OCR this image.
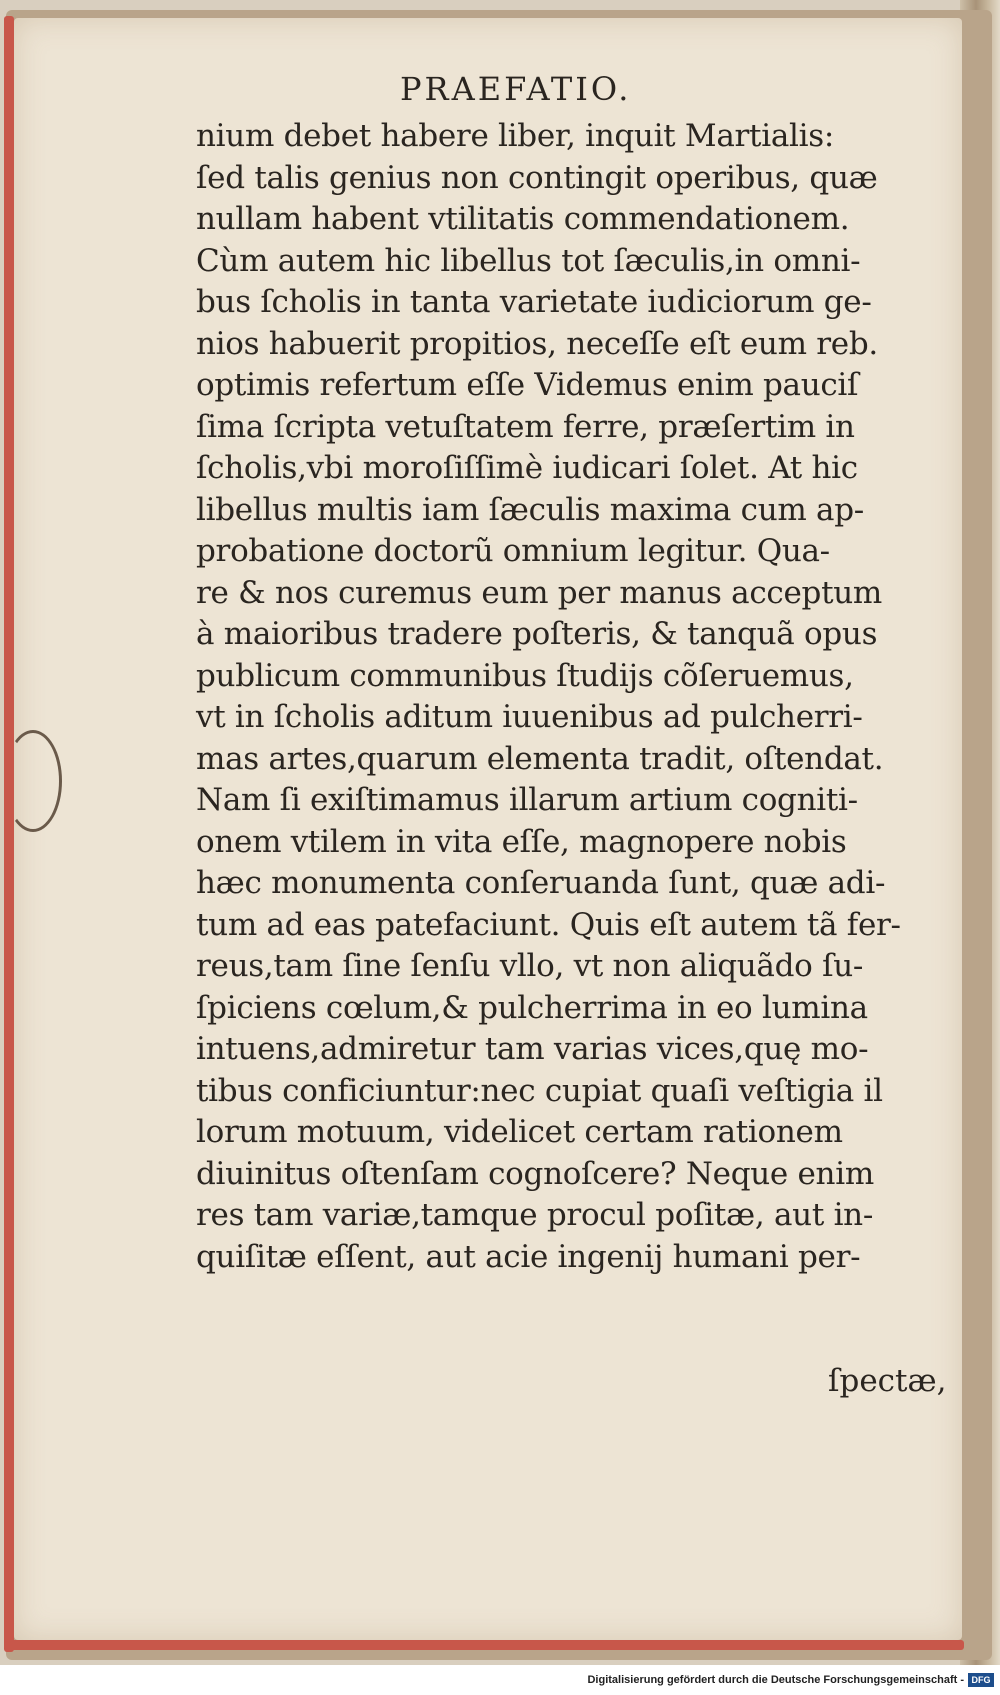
PRAEFATIO.
nium debet habere liber, inquit Martialis:
ſed talis genius non contingit operibus, quæ
nullam habent vtilitatis commendationem.
Cùm autem hic libellus tot ſæculis,in omni-
bus ſcholis in tanta varietate iudiciorum ge-
nios habuerit propitios, neceſſe eſt eum reb.
optimis refertum eſſe Videmus enim pauciſ
ſima ſcripta vetuſtatem ferre, præſertim in
ſcholis,vbi moroſiſſimè iudicari ſolet. At hic
libellus multis iam ſæculis maxima cum ap-
probatione doctorũ omnium legitur. Qua-
re & nos curemus eum per manus acceptum
à maioribus tradere poſteris, & tanquã opus
publicum communibus ſtudijs cõſeruemus,
vt in ſcholis aditum iuuenibus ad pulcherri-
mas artes,quarum elementa tradit, oſtendat.
Nam ſi exiſtimamus illarum artium cogniti-
onem vtilem in vita eſſe, magnopere nobis
hæc monumenta conſeruanda ſunt, quæ adi-
tum ad eas patefaciunt. Quis eſt autem tã fer-
reus,tam ſine ſenſu vllo, vt non aliquãdo ſu-
ſpiciens cœlum,& pulcherrima in eo lumina
intuens,admiretur tam varias vices,quę mo-
tibus conficiuntur:nec cupiat quaſi veſtigia il
lorum motuum, videlicet certam rationem
diuinitus oſtenſam cognoſcere? Neque enim
res tam variæ,tamque procul poſitæ, aut in-
quiſitæ eſſent, aut acie ingenij humani per-
ſpectæ,
Digitalisierung gefördert durch die Deutsche Forschungsgemeinschaft - DFG
